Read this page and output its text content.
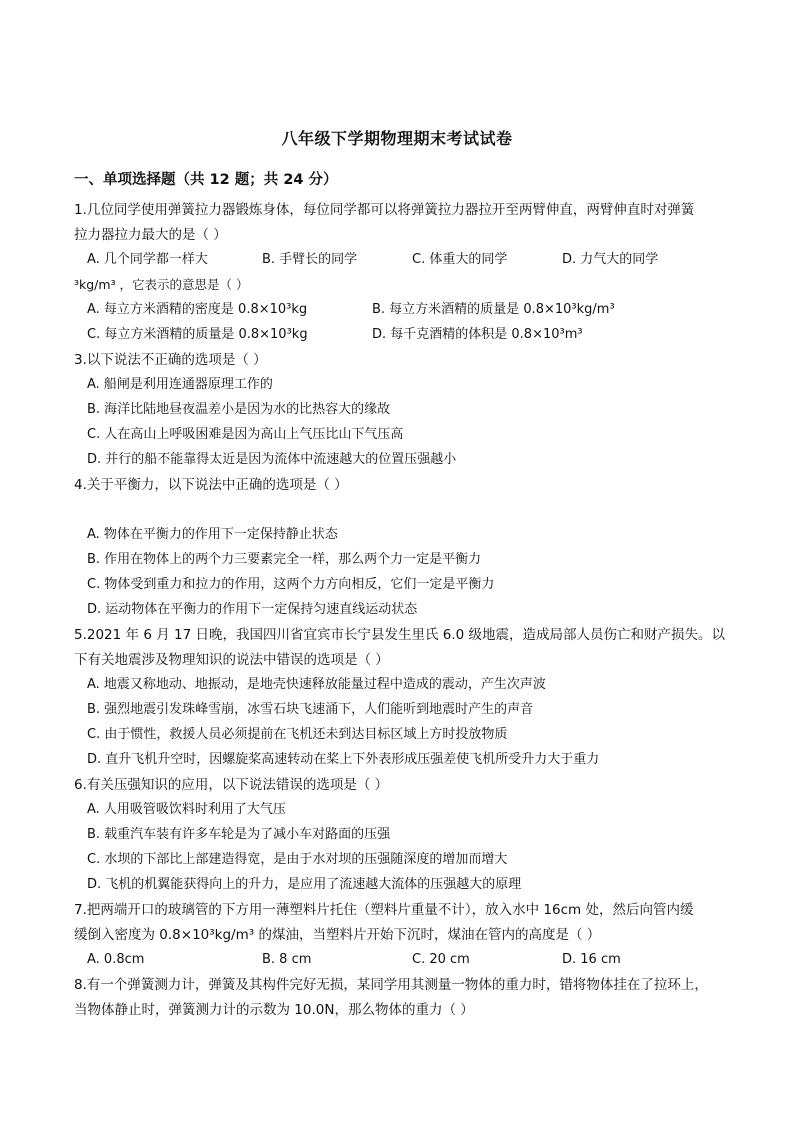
八年级下学期物理期末考试试卷
一、单项选择题（共 12 题；共 24 分）
1.几位同学使用弹簧拉力器锻炼身体，每位同学都可以将弹簧拉力器拉开至两臂伸直，两臂伸直时对弹簧
拉力器拉力最大的是（ ）
A. 几个同学都一样大	B. 手臂长的同学	C. 体重大的同学	D. 力气大的同学
³kg/m³ ，它表示的意思是（ ）
A. 每立方米酒精的密度是 0.8×10³kg	B. 每立方米酒精的质量是 0.8×10³kg/m³
C. 每立方米酒精的质量是 0.8×10³kg	D. 每千克酒精的体积是 0.8×10³m³
3.以下说法不正确的选项是（ ）
A. 船闸是利用连通器原理工作的
B. 海洋比陆地昼夜温差小是因为水的比热容大的缘故
C. 人在高山上呼吸困难是因为高山上气压比山下气压高
D. 并行的船不能靠得太近是因为流体中流速越大的位置压强越小
4.关于平衡力，以下说法中正确的选项是（ ）
A. 物体在平衡力的作用下一定保持静止状态
B. 作用在物体上的两个力三要素完全一样，那么两个力一定是平衡力
C. 物体受到重力和拉力的作用，这两个力方向相反，它们一定是平衡力
D. 运动物体在平衡力的作用下一定保持匀速直线运动状态
5.2021 年 6 月 17 日晚，我国四川省宜宾市长宁县发生里氏 6.0 级地震，造成局部人员伤亡和财产损失。以
下有关地震涉及物理知识的说法中错误的选项是（ ）
A. 地震又称地动、地振动，是地壳快速释放能量过程中造成的震动，产生次声波
B. 强烈地震引发珠峰雪崩，冰雪石块飞速涌下，人们能听到地震时产生的声音
C. 由于惯性，救援人员必须提前在飞机还未到达目标区域上方时投放物质
D. 直升飞机升空时，因螺旋桨高速转动在桨上下外表形成压强差使飞机所受升力大于重力
6.有关压强知识的应用，以下说法错误的选项是（ ）
A. 人用吸管吸饮料时利用了大气压
B. 载重汽车装有许多车轮是为了减小车对路面的压强
C. 水坝的下部比上部建造得宽，是由于水对坝的压强随深度的增加而增大
D. 飞机的机翼能获得向上的升力，是应用了流速越大流体的压强越大的原理
7.把两端开口的玻璃管的下方用一薄塑料片托住（塑料片重量不计），放入水中 16cm 处，然后向管内缓
缓倒入密度为 0.8×10³kg/m³ 的煤油，当塑料片开始下沉时，煤油在管内的高度是（ ）
A. 0.8cm	B. 8 cm	C. 20 cm	D. 16 cm
8.有一个弹簧测力计，弹簧及其构件完好无损，某同学用其测量一物体的重力时，错将物体挂在了拉环上，
当物体静止时，弹簧测力计的示数为 10.0N，那么物体的重力（ ）
